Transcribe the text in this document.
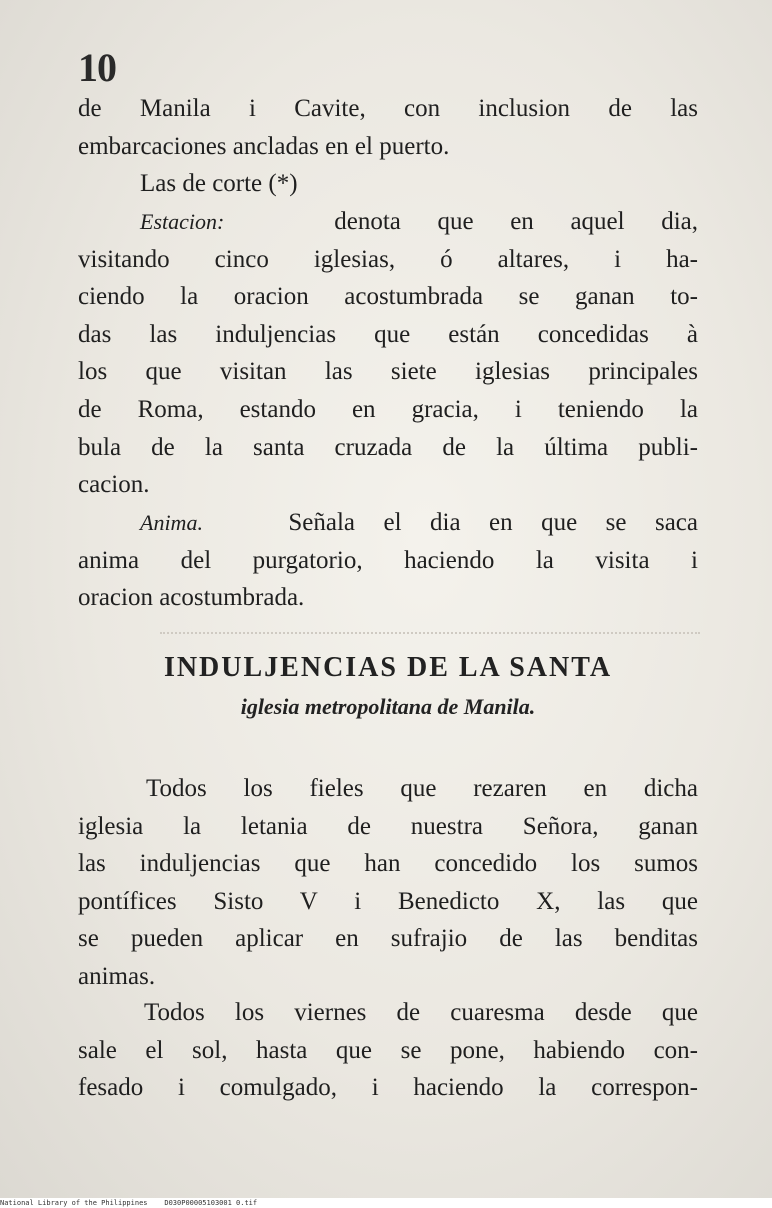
10
de Manila i Cavite, con inclusion de las
embarcaciones ancladas en el puerto.
Las de corte (*)
Estacion:	denota que en aquel dia,
visitando cinco iglesias, ó altares, i ha-
ciendo la oracion acostumbrada se ganan to-
das las induljencias que están concedidas à
los que visitan las siete iglesias principales
de Roma, estando en gracia, i teniendo la
bula de la santa cruzada de la última publi-
cacion.
Anima.	Señala el dia en que se saca
anima del purgatorio, haciendo la visita i
oracion acostumbrada.
INDULJENCIAS DE LA SANTA
iglesia metropolitana de Manila.
Todos los fieles que rezaren en dicha
iglesia la letania de nuestra Señora, ganan
las induljencias que han concedido los sumos
pontífices Sisto V i Benedicto X, las que
se pueden aplicar en sufrajio de las benditas
animas.
Todos los viernes de cuaresma desde que
sale el sol, hasta que se pone, habiendo con-
fesado i comulgado, i haciendo la correspon-
National Library of the Philippines D030P00005103001 0.tif
